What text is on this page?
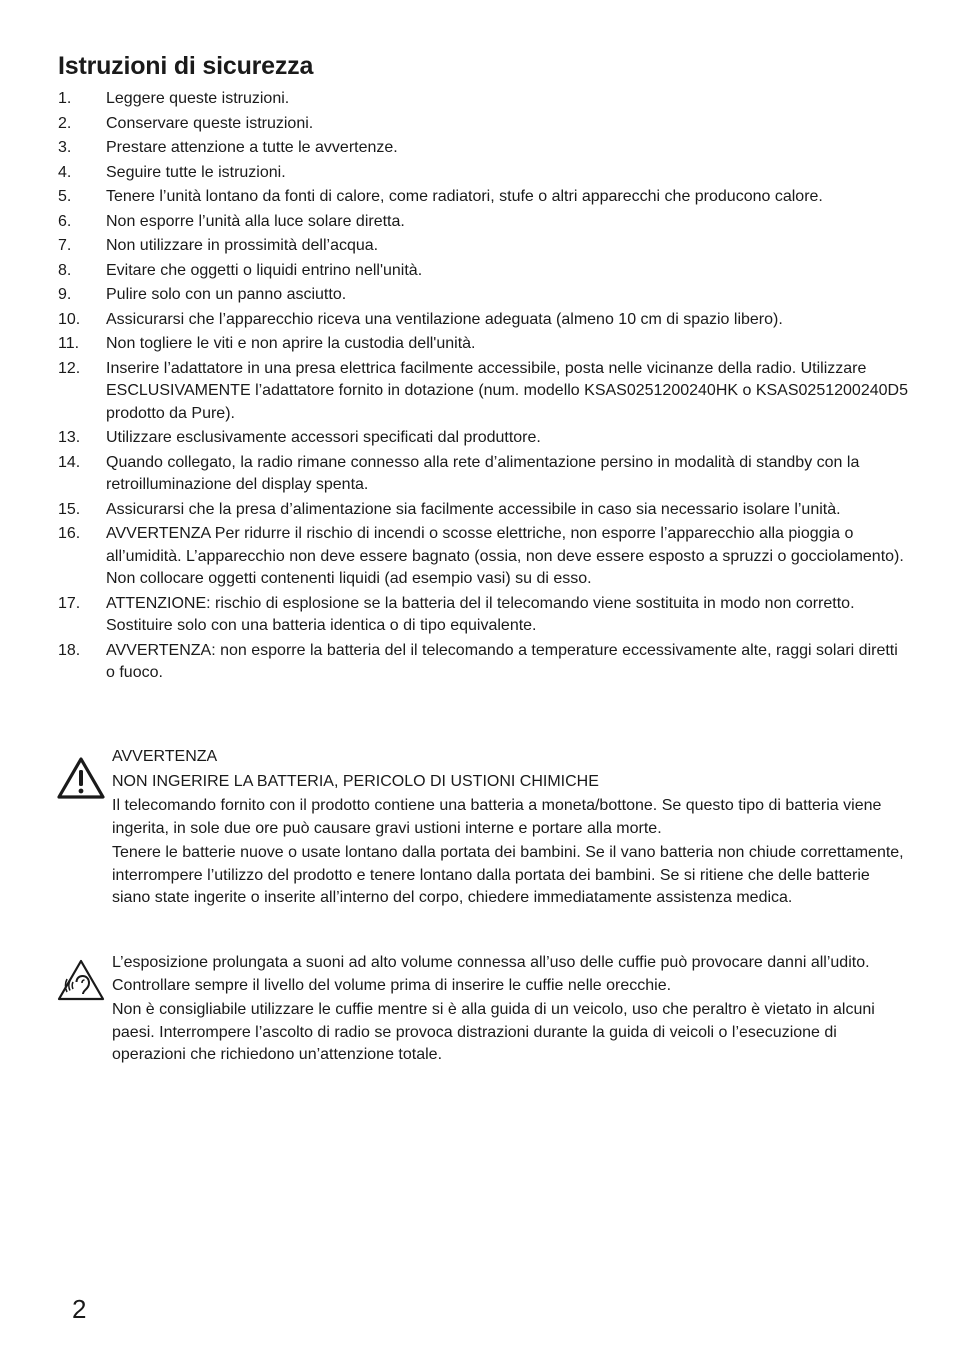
Istruzioni di sicurezza
1.	Leggere queste istruzioni.
2.	Conservare queste istruzioni.
3.	Prestare attenzione a tutte le avvertenze.
4.	Seguire tutte le istruzioni.
5.	Tenere l’unità lontano da fonti di calore, come radiatori, stufe o altri apparecchi che producono calore.
6.	Non esporre l’unità alla luce solare diretta.
7.	Non utilizzare in prossimità dell’acqua.
8.	Evitare che oggetti o liquidi entrino nell'unità.
9.	Pulire solo con un panno asciutto.
10.	Assicurarsi che l’apparecchio riceva una ventilazione adeguata (almeno 10 cm di spazio libero).
11.	Non togliere le viti e non aprire la custodia dell'unità.
12.	Inserire l’adattatore in una presa elettrica facilmente accessibile, posta nelle vicinanze della radio. Utilizzare ESCLUSIVAMENTE l’adattatore fornito in dotazione (num. modello KSAS0251200240HK o KSAS0251200240D5 prodotto da Pure).
13.	Utilizzare esclusivamente accessori specificati dal produttore.
14.	Quando collegato, la radio rimane connesso alla rete d’alimentazione persino in modalità di standby con la retroilluminazione del display spenta.
15.	Assicurarsi che la presa d’alimentazione sia facilmente accessibile in caso sia necessario isolare l’unità.
16.	AVVERTENZA Per ridurre il rischio di incendi o scosse elettriche, non esporre l’apparecchio alla pioggia o all’umidità. L’apparecchio non deve essere bagnato (ossia, non deve essere esposto a spruzzi o gocciolamento). Non collocare oggetti contenenti liquidi (ad esempio vasi) su di esso.
17.	ATTENZIONE: rischio di esplosione se la batteria del il telecomando viene sostituita in modo non corretto. Sostituire solo con una batteria identica o di tipo equivalente.
18.	AVVERTENZA: non esporre la batteria del il telecomando a temperature eccessivamente alte, raggi solari diretti o fuoco.

AVVERTENZA

NON INGERIRE LA BATTERIA, PERICOLO DI USTIONI CHIMICHE

Il telecomando fornito con il prodotto contiene una batteria a moneta/bottone. Se questo tipo di batteria viene ingerita, in sole due ore può causare gravi ustioni interne e portare alla morte.

Tenere le batterie nuove o usate lontano dalla portata dei bambini. Se il vano batteria non chiude correttamente, interrompere l’utilizzo del prodotto e tenere lontano dalla portata dei bambini. Se si ritiene che delle batterie siano state ingerite o inserite all’interno del corpo, chiedere immediatamente assistenza medica.

L’esposizione prolungata a suoni ad alto volume connessa all’uso delle cuffie può provocare danni all’udito. Controllare sempre il livello del volume prima di inserire le cuffie nelle orecchie.

Non è consigliabile utilizzare le cuffie mentre si è alla guida di un veicolo, uso che peraltro è vietato in alcuni paesi. Interrompere l’ascolto di radio se provoca distrazioni durante la guida di veicoli o l’esecuzione di operazioni che richiedono un’attenzione totale.

2
